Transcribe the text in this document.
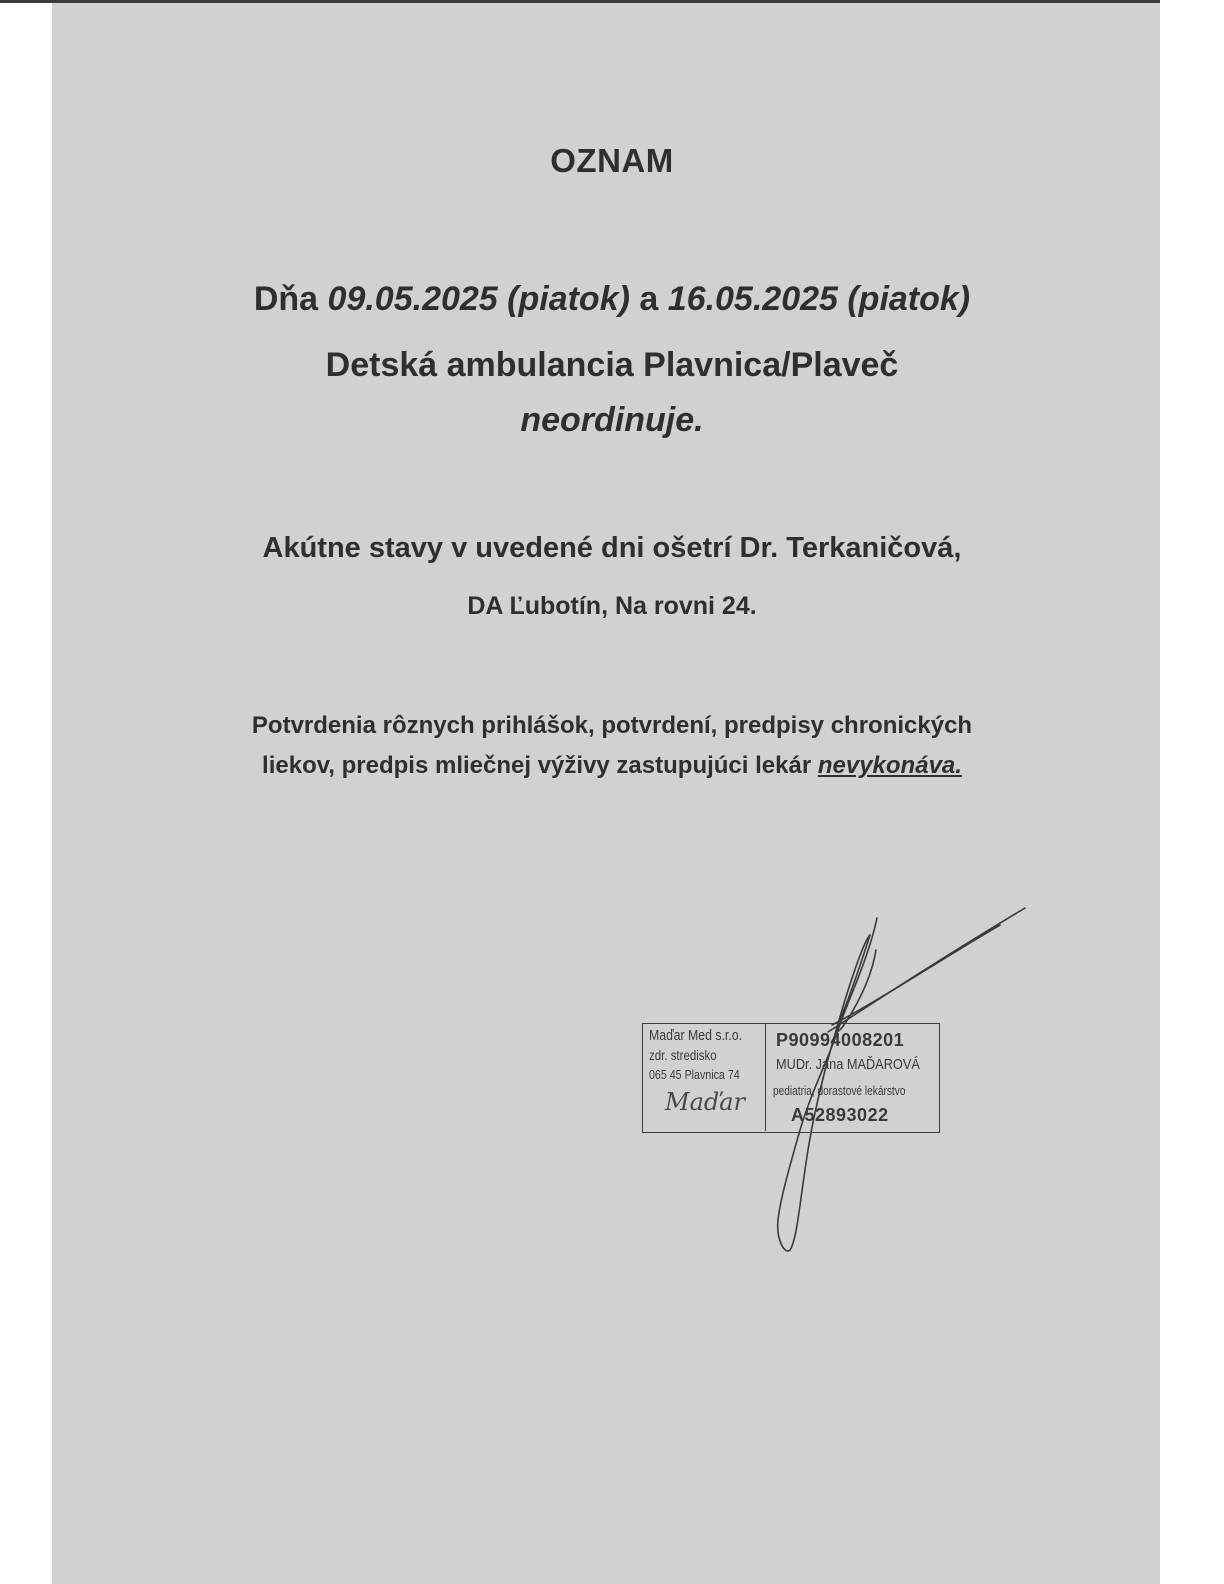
OZNAM

Dňa 09.05.2025 (piatok) a 16.05.2025 (piatok)

Detská ambulancia Plavnica/Plaveč

neordinuje.

Akútne stavy v uvedené dni ošetrí Dr. Terkaničová,

DA Ľubotín, Na rovni 24.

Potvrdenia rôznych prihlášok, potvrdení, predpisy chronických

liekov, predpis mliečnej výživy zastupujúci lekár nevykonáva.

Maďar Med s.r.o.

zdr. stredisko

065 45 Plavnica 74

Maďar

P90994008201

MUDr. Jana MAĎAROVÁ

pediatria, dorastové lekárstvo

A52893022
